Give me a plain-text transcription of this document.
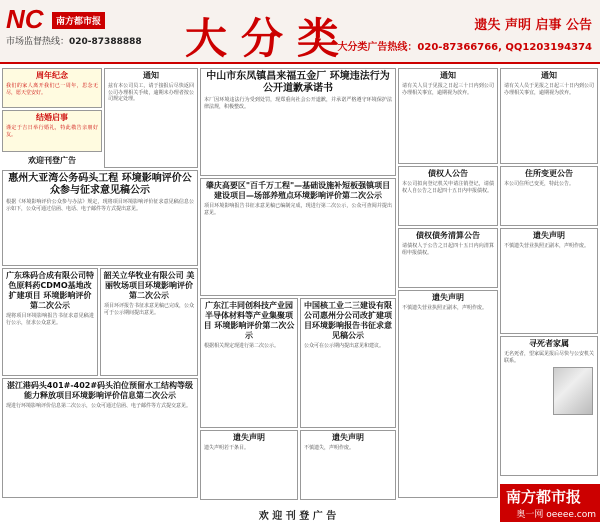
NC	南方都市报
市场监督热线：020-87388888 大分类	遗失 声明 启事 公告
大分类广告热线：020-87366766, QQ1203194374
周年纪念

我们的家人离开我们已一周年，思念无尽，愿天堂安好。

结婚启事

谨定于吉日举行婚礼，特此敬告亲朋好友。

通知

兹有本公司员工，请于接报后尽快返回公司办理相关手续，逾期未办理者按公司规定处理。

欢迎刊登广告
惠州大亚湾公务码头工程 环境影响评价公众参与征求意见稿公示

根据《环境影响评价公众参与办法》规定，现将项目环境影响评价征求意见稿信息公示如下，公众可通过信函、电话、电子邮件等方式提出意见。

广东珠码合成有限公司特色原料药CDMO基地改扩建项目 环境影响评价第二次公示

现将项目环境影响报告书征求意见稿进行公示，征求公众意见。

韶关立华牧业有限公司 美丽牧场项目环境影响评价第二次公示

项目环评报告书征求意见稿已完成，公众可于公示期间提出意见。

湛江港码头401#-402#码头泊位预留水工结构等级能力释放项目环境影响评价信息第二次公示

现进行环境影响评价信息第二次公示，公众可通过信函、电子邮件等方式提交意见。

中山市东凤镇昌来福五金厂 环境违法行为公开道歉承诺书

本厂因环境违法行为受到处罚，现郑重向社会公开道歉，并承诺严格遵守环境保护法律法规，积极整改。

肇庆高要区"百千万工程"—基础设施补短板强镇项目建设项目—场部养殖点环境影响评价第二次公示

项目环境影响报告书征求意见稿已编制完成，现进行第二次公示，公众可查阅并提出意见。

广东江丰同创科技产业园半导体材料等产业集聚项目 环境影响评价第二次公示

根据相关规定现进行第二次公示。

中国核工业二三建设有限公司惠州分公司改扩建项目环境影响报告书征求意见稿公示

公众可在公示期内提出意见和建议。

遗失声明

遗失声明若干条目。

遗失声明

不慎遗失，声明作废。

通知

请有关人员于见报之日起三十日内到公司办理相关事宜，逾期视为放弃。

债权人公告

本公司拟向登记机关申请注销登记，请债权人自公告之日起四十五日内申报债权。

债权债务清算公告

请债权人于公告之日起四十五日内向清算组申报债权。

遗失声明

不慎遗失营业执照正副本，声明作废。

通知

请有关人员于见报之日起三十日内到公司办理相关事宜，逾期视为放弃。

住所变更公告

本公司住所已变更，特此公告。

遗失声明

不慎遗失营业执照正副本，声明作废。

寻死者家属

无名死者，望家属见报后尽快与公安机关联系。

欢 迎 刊 登 广 告
南方都市报
奥一网 oeeee.com
